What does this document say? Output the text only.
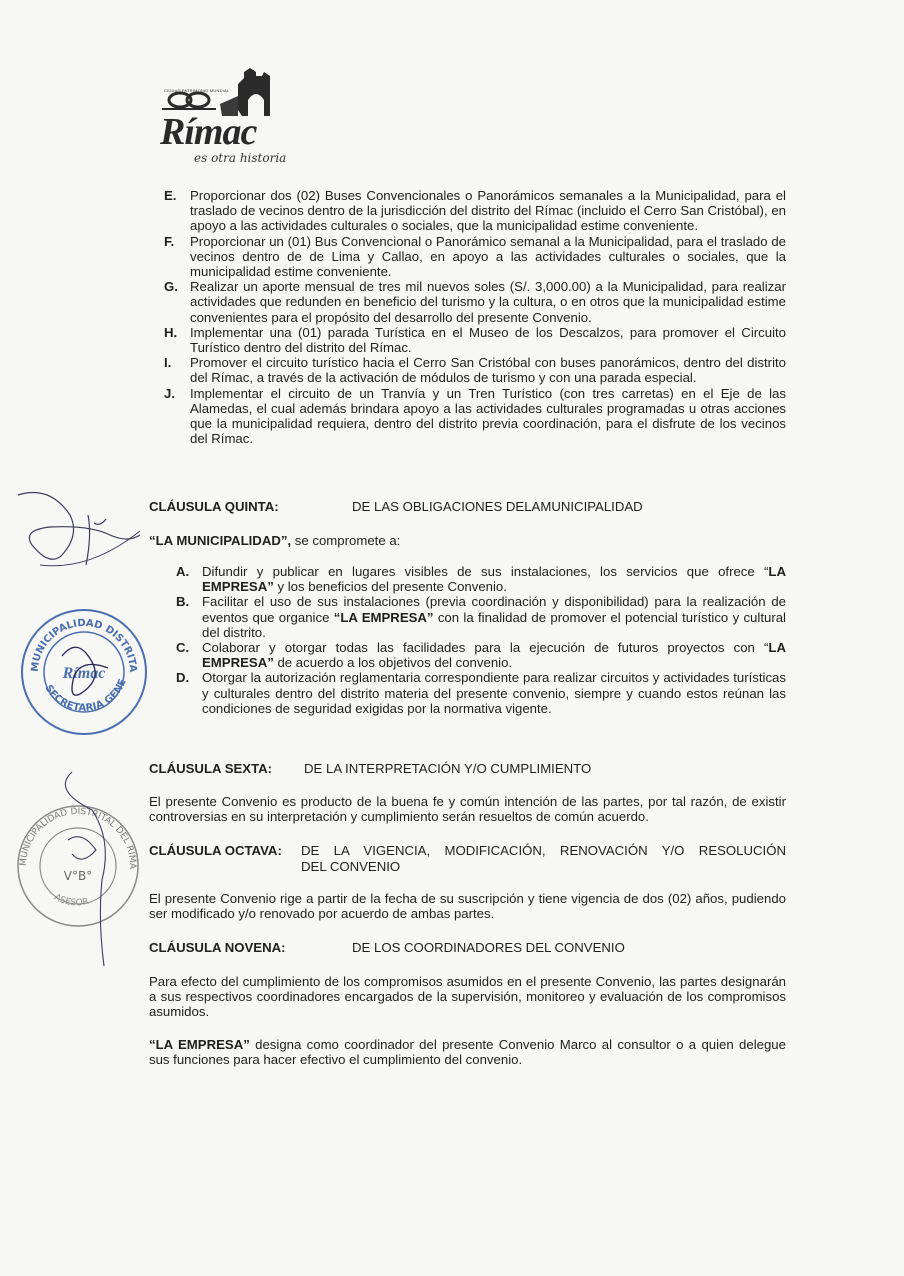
CIUDAD PATRIMONIO MUNDIAL
Rímac
es otra historia
E. Proporcionar dos (02) Buses Convencionales o Panorámicos semanales a la Municipalidad, para el traslado de vecinos dentro de la jurisdicción del distrito del Rímac (incluido el Cerro San Cristóbal), en apoyo a las actividades culturales o sociales, que la municipalidad estime conveniente.
F. Proporcionar un (01) Bus Convencional o Panorámico semanal a la Municipalidad, para el traslado de vecinos dentro de de Lima y Callao, en apoyo a las actividades culturales o sociales, que la municipalidad estime conveniente.
G. Realizar un aporte mensual de tres mil nuevos soles (S/. 3,000.00) a la Municipalidad, para realizar actividades que redunden en beneficio del turismo y la cultura, o en otros que la municipalidad estime convenientes para el propósito del desarrollo del presente Convenio.
H. Implementar una (01) parada Turística en el Museo de los Descalzos, para promover el Circuito Turístico dentro del distrito del Rímac.
I. Promover el circuito turístico hacia el Cerro San Cristóbal con buses panorámicos, dentro del distrito del Rímac, a través de la activación de módulos de turismo y con una parada especial.
J. Implementar el circuito de un Tranvía y un Tren Turístico (con tres carretas) en el Eje de las Alamedas, el cual además brindara apoyo a las actividades culturales programadas u otras acciones que la municipalidad requiera, dentro del distrito previa coordinación, para el disfrute de los vecinos del Rímac.
CLÁUSULA QUINTA:	DE LAS OBLIGACIONES DELAMUNICIPALIDAD
“LA MUNICIPALIDAD”, se compromete a:
A. Difundir y publicar en lugares visibles de sus instalaciones, los servicios que ofrece “LA EMPRESA” y los beneficios del presente Convenio.
B. Facilitar el uso de sus instalaciones (previa coordinación y disponibilidad) para la realización de eventos que organice “LA EMPRESA” con la finalidad de promover el potencial turístico y cultural del distrito.
C. Colaborar y otorgar todas las facilidades para la ejecución de futuros proyectos con “LA EMPRESA” de acuerdo a los objetivos del convenio.
D. Otorgar la autorización reglamentaria correspondiente para realizar circuitos y actividades turísticas y culturales dentro del distrito materia del presente convenio, siempre y cuando estos reúnan las condiciones de seguridad exigidas por la normativa vigente.
CLÁUSULA SEXTA: DE LA INTERPRETACIÓN Y/O CUMPLIMIENTO
El presente Convenio es producto de la buena fe y común intención de las partes, por tal razón, de existir controversias en su interpretación y cumplimiento serán resueltos de común acuerdo.
CLÁUSULA OCTAVA: DE LA VIGENCIA, MODIFICACIÓN, RENOVACIÓN Y/O RESOLUCIÓN
DEL CONVENIO
El presente Convenio rige a partir de la fecha de su suscripción y tiene vigencia de dos (02) años, pudiendo ser modificado y/o renovado por acuerdo de ambas partes.
CLÁUSULA NOVENA:	DE LOS COORDINADORES DEL CONVENIO
Para efecto del cumplimiento de los compromisos asumidos en el presente Convenio, las partes designarán a sus respectivos coordinadores encargados de la supervisión, monitoreo y evaluación de los compromisos asumidos.
“LA EMPRESA” designa como coordinador del presente Convenio Marco al consultor o a quien delegue sus funciones para hacer efectivo el cumplimiento del convenio.
MUNICIPALIDAD DISTRITA
SECRETARIA GENE
Rímac
MUNICIPALIDAD DISTRITAL DEL RIMA
ASESOR
V°B°
